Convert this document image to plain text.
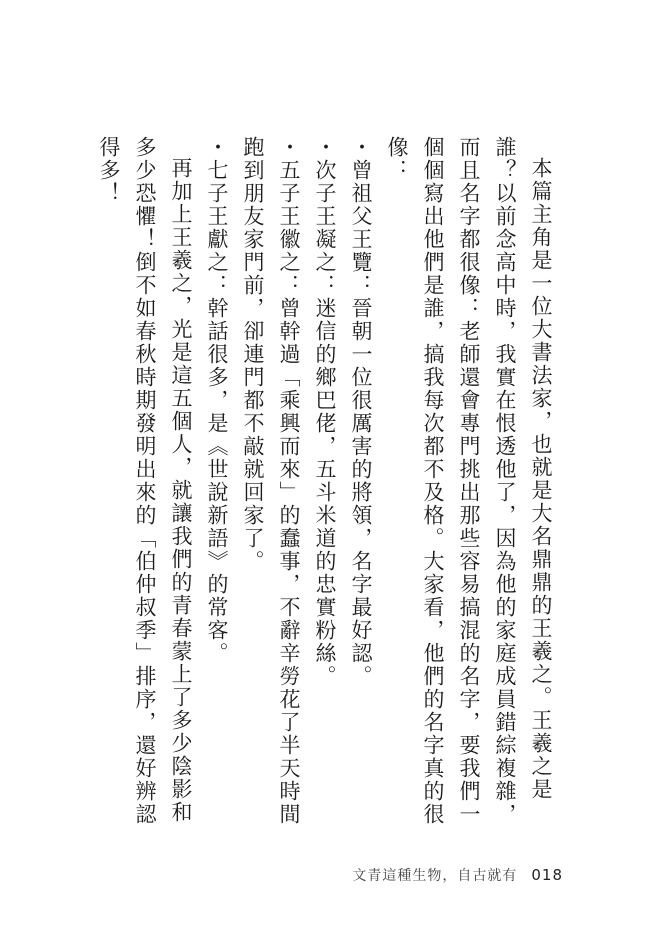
本篇主角是一位大書法家，也就是大名鼎鼎的王羲之。王羲之是誰？以前念高中時，我實在恨透他了，因為他的家庭成員錯綜複雜，而且名字都很像：老師還會專門挑出那些容易搞混的名字，要我們一個個寫出他們是誰，搞我每次都不及格。大家看，他們的名字真的很像：

・曾祖父王覽：晉朝一位很厲害的將領，名字最好認。

・次子王凝之：迷信的鄉巴佬，五斗米道的忠實粉絲。

・五子王徽之：曾幹過「乘興而來」的蠢事，不辭辛勞花了半天時間跑到朋友家門前，卻連門都不敲就回家了。

・七子王獻之：幹話很多，是《世說新語》的常客。

再加上王羲之，光是這五個人，就讓我們的青春蒙上了多少陰影和多少恐懼！倒不如春秋時期發明出來的「伯仲叔季」排序，還好辨認得多！

文青這種生物，自古就有 018
